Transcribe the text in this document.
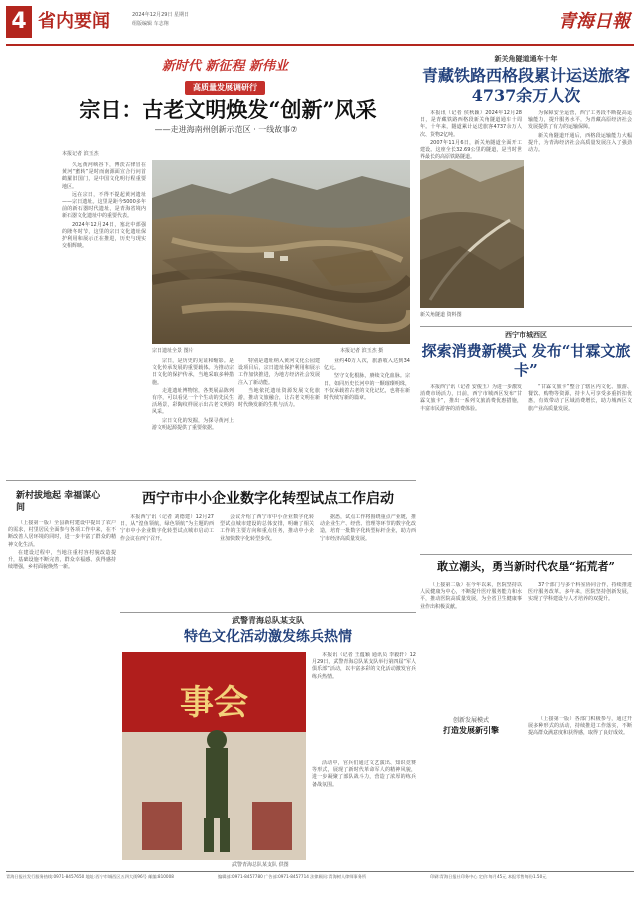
4 省内要闻	2024年12月29日 星期日
组版编辑 车志翔	青海日報
新时代 新征程 新伟业
高质量发展调研行
宗日：古老文明焕发“创新”风采
——走进海南州创新示范区 · 一线故事⑦
本报记者 滨玉杰

久远黄河峡谷下，博茨古律冒在黄河“蜜转”是时而南源面宣合行问首鹤羅旧国门，是中国文化明行程重要地区。

远在宗日，不得不提起黄河遗址——宗日遗址。这里是距今5000多年前的新石器时代遗址，是青海省境内新石器文化遗址中的重要代表。

2024年12月24日，塞北中部强的隆冬时节，这里的宗日文化遗址保护利用和展示正在推进，历史与现实交相辉映。

宗日遗址全景 图片	本报记者 滨玉杰 摄

宗日，是历史的见证和缩影。是文化传承发展的重要载体。为推动宗日文化的保护传承，当地采取多种措施。

走进遗址博物馆，各类展品陈列有序，可以看见一个个生动的先民生活场景，彩陶纹样展示出古老文明的风采。

宗日文化的发掘，为探寻黄河上游文明起源提供了重要依据。

特别是遗址纳入黄河文化公园建设项目后，宗日遗址保护利用和展示工作加快推进，为地方经济社会发展注入了新动能。

当地依托遗址资源发展文化旅游，推动文旅融合，让古老文明在新时代焕发新的生机与活力。

业约40万人次，旅游收入达到34亿元。

坚守文化根脉，赓续文化血脉。宗日，如同历史长河中的一颗璀璨明珠，不仅承载着古老的文化记忆，也将在新时代续写新的篇章。

新关角隧道通车十年
青藏铁路西格段累计运送旅客4737余万人次

本报讯（记者 侯秋颖）2024年12月28日，是青藏铁路西格段新关角隧道通车十周年。十年来，隧道累计运送旅客4737余万人次、货物2亿吨。

2007年11月6日，新关角隧道全面开工建设。这座全长32.69公里的隧道，是当时世界最长的高原铁路隧道。

为保障安全运营，西宁工务段不断提高运输能力，提升服务水平，为青藏高原经济社会发展提供了有力的运输保障。

新关角隧道开通后，西格段运输能力大幅提升，为青海经济社会高质量发展注入了强劲动力。

新关角隧道 资料图
西宁市城西区
探索消费新模式 发布“甘霖文旅卡”

本报西宁讯（记者 安俊玉）为进一步激发消费市场活力，日前，西宁市城西区发布“甘霖文旅卡”，推出一系列文旅消费优惠措施，丰富市民游客的消费体验。

“甘霖文旅卡”整合了辖区内文化、旅游、餐饮、购物等资源，持卡人可享受多重折扣优惠，有效带动了区域消费增长，助力城西区文旅产业高质量发展。

敢立潮头，勇当新时代农垦“拓荒者”

（上接第二版）在今年以来，医院坚持以人民健康为中心，不断提升医疗服务能力和水平，推动医院高质量发展，为全省卫生健康事业作出积极贡献。

37个部门与多个科室协同合作，持续推进医疗服务改革。多年来，医院坚持创新发展，实现了学科建设与人才培养的双提升。

创新发展模式
打造发展新引擎

（上接第一版）各部门积极参与，通过开展多种形式的活动，持续推进工作落实，不断提高群众满意度和获得感，取得了良好成效。

新村拔地起 幸福谋心间

（上接第一版）全县新村建设中提出了农户的需求，村里居民全面参与各项工作中来，在不断改善人居环境的同时，进一步丰富了群众的精神文化生活。

在建设过程中，当地注重村容村貌改造提升，基础设施不断完善，群众幸福感、获得感持续增强，乡村面貌焕然一新。

西宁市中小企业数字化转型试点工作启动

本报西宁讯（记者 刘德建）12月27日，从“湟鱼领航，绿色领航”为主题的西宁市中小企业数字化转型试点城市启动工作会议在西宁召开。

会议介绍了西宁市中小企业数字化转型试点城市建设的总体安排，明确了相关工作的主要方向和重点任务，推动中小企业加快数字化转型步伐。

据悉，试点工作将围绕重点产业链，推动企业生产、经营、管理等环节的数字化改造，培育一批数字化转型标杆企业，助力西宁市经济高质量发展。

武警青海总队某支队
特色文化活动激发练兵热情
事会
武警青海总队某支队 供图

本报讯（记者 王蕴颖 通讯员 李毅轩）12月29日，武警青海总队某支队举行第四届“军人俱乐部”活动，以丰富多彩的文化活动激发官兵练兵热情。

活动中，官兵们通过文艺演出、知识竞赛等形式，展现了新时代革命军人的精神风貌，进一步凝聚了部队战斗力，营造了浓厚的练兵备战氛围。

青海日报社发行服务热线:0971-8457650 地址:西宁市城西区五四大街96号 邮编:810008	编辑部:0971-8457780 广告部:0971-8457714 法律顾问:青海树人律师事务所	印刷:青海日报社印务中心 定价:每月45元 本报零售每份1.50元
